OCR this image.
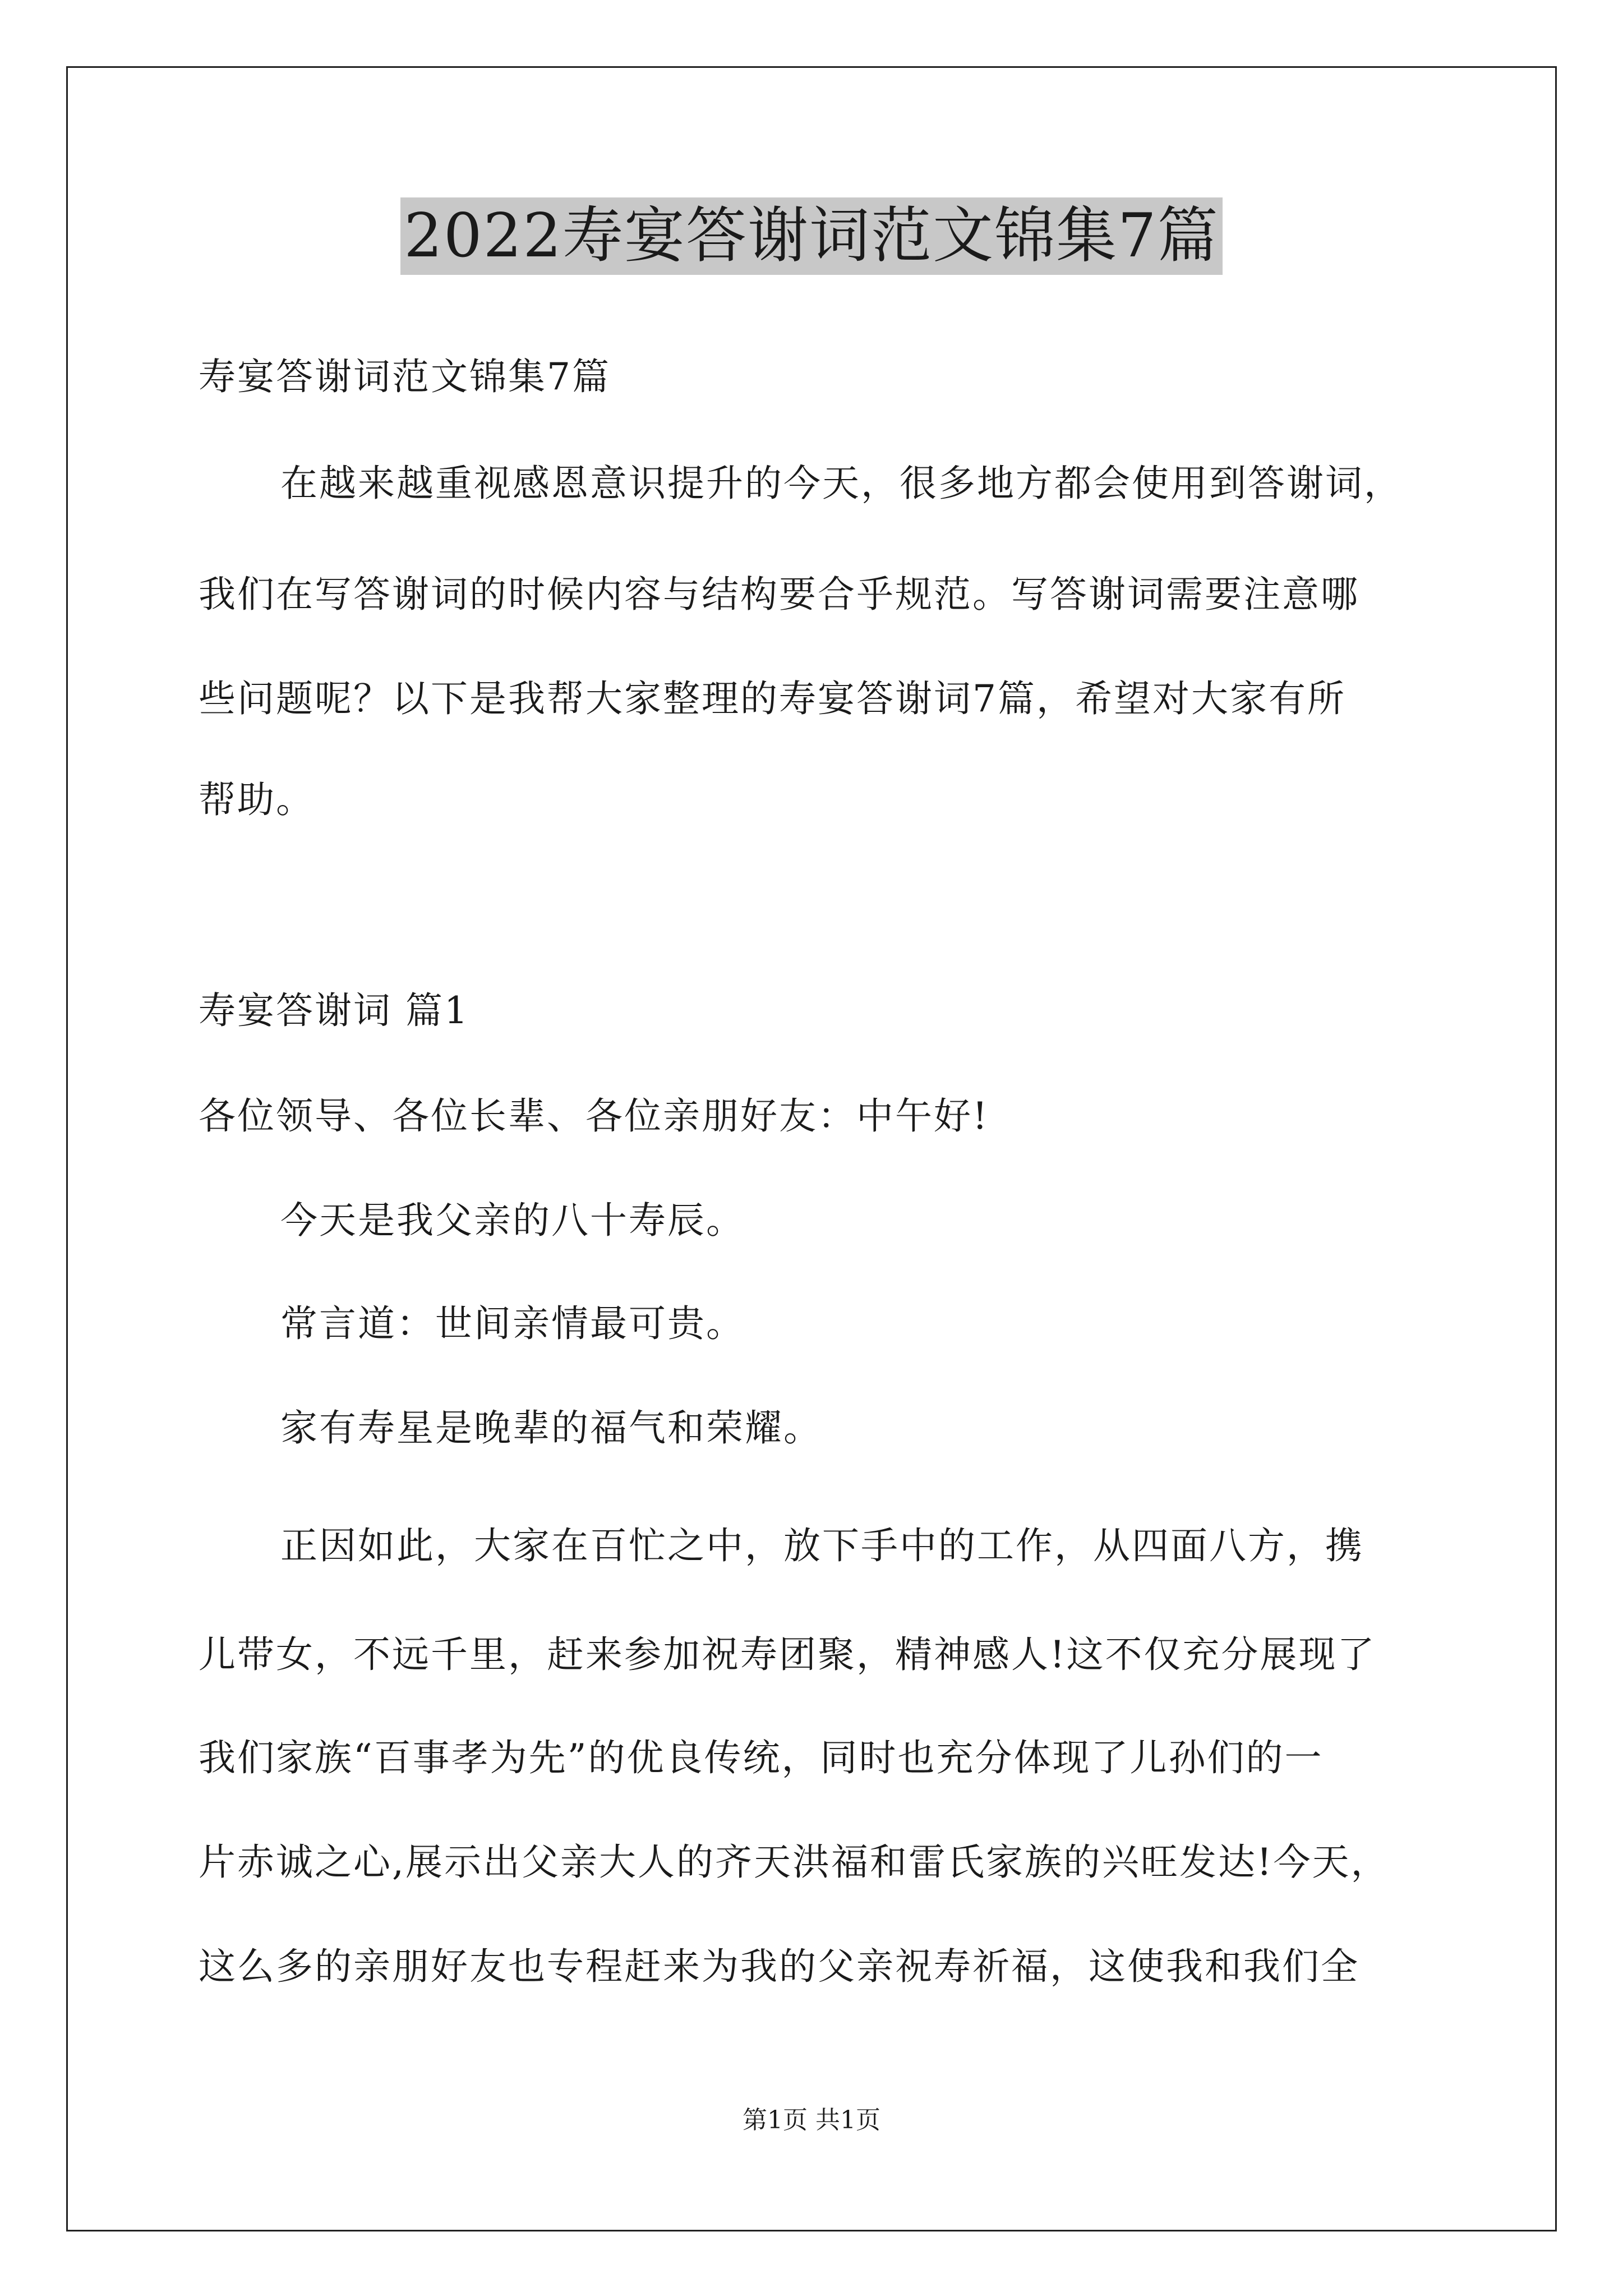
2022寿宴答谢词范文锦集7篇
寿宴答谢词范文锦集7篇
在越来越重视感恩意识提升的今天，很多地方都会使用到答谢词，
我们在写答谢词的时候内容与结构要合乎规范。写答谢词需要注意哪
些问题呢？以下是我帮大家整理的寿宴答谢词7篇，希望对大家有所
帮助。
寿宴答谢词 篇1
各位领导、各位长辈、各位亲朋好友：中午好!
今天是我父亲的八十寿辰。
常言道：世间亲情最可贵。
家有寿星是晚辈的福气和荣耀。
正因如此，大家在百忙之中，放下手中的工作，从四面八方，携
儿带女，不远千里，赶来参加祝寿团聚，精神感人!这不仅充分展现了
我们家族“百事孝为先”的优良传统，同时也充分体现了儿孙们的一
片赤诚之心,展示出父亲大人的齐天洪福和雷氏家族的兴旺发达!今天，
这么多的亲朋好友也专程赶来为我的父亲祝寿祈福，这使我和我们全
第1页 共1页
